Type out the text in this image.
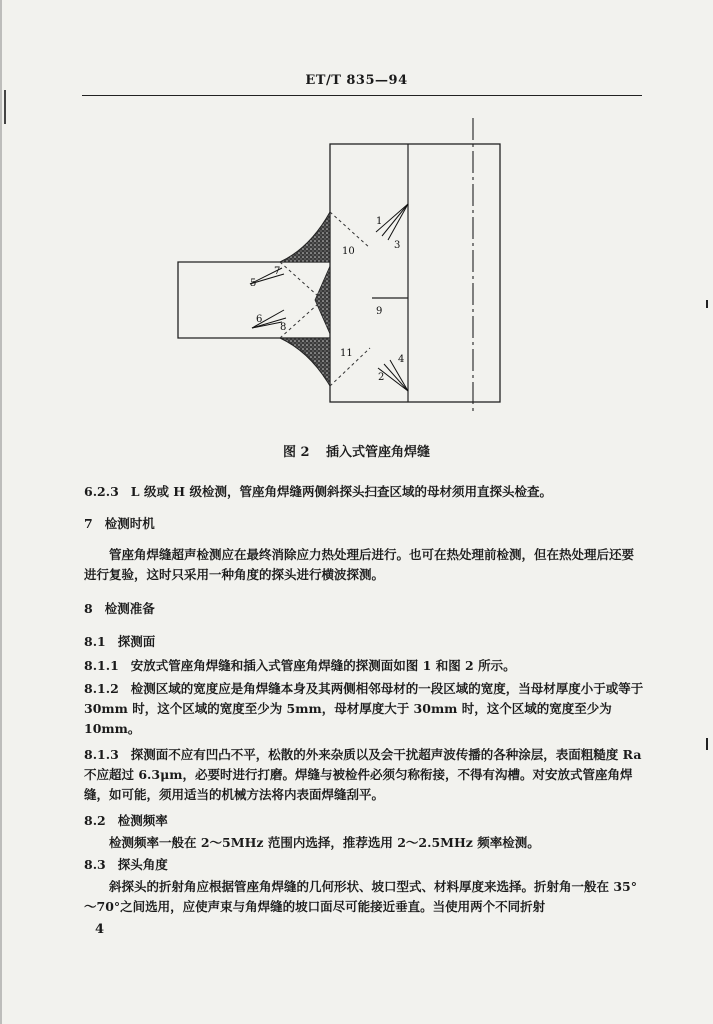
ET/T 835—94
1
3
10
7
5
6
8
9
11
4
2
图 2 插入式管座角焊缝
6.2.3 L 级或 H 级检测，管座角焊缝两侧斜探头扫查区域的母材须用直探头检查。
7 检测时机
管座角焊缝超声检测应在最终消除应力热处理后进行。也可在热处理前检测，但在热处理后还要进行复验，这时只采用一种角度的探头进行横波探测。
8 检测准备
8.1 探测面
8.1.1 安放式管座角焊缝和插入式管座角焊缝的探测面如图 1 和图 2 所示。
8.1.2 检测区域的宽度应是角焊缝本身及其两侧相邻母材的一段区域的宽度，当母材厚度小于或等于 30mm 时，这个区域的宽度至少为 5mm，母材厚度大于 30mm 时，这个区域的宽度至少为 10mm。
8.1.3 探测面不应有凹凸不平，松散的外来杂质以及会干扰超声波传播的各种涂层，表面粗糙度 Ra 不应超过 6.3μm，必要时进行打磨。焊缝与被检件必须匀称衔接，不得有沟槽。对安放式管座角焊缝，如可能，须用适当的机械方法将内表面焊缝刮平。
8.2 检测频率
检测频率一般在 2～5MHz 范围内选择，推荐选用 2～2.5MHz 频率检测。
8.3 探头角度
斜探头的折射角应根据管座角焊缝的几何形状、坡口型式、材料厚度来选择。折射角一般在 35°～70°之间选用，应使声束与角焊缝的坡口面尽可能接近垂直。当使用两个不同折射
4
